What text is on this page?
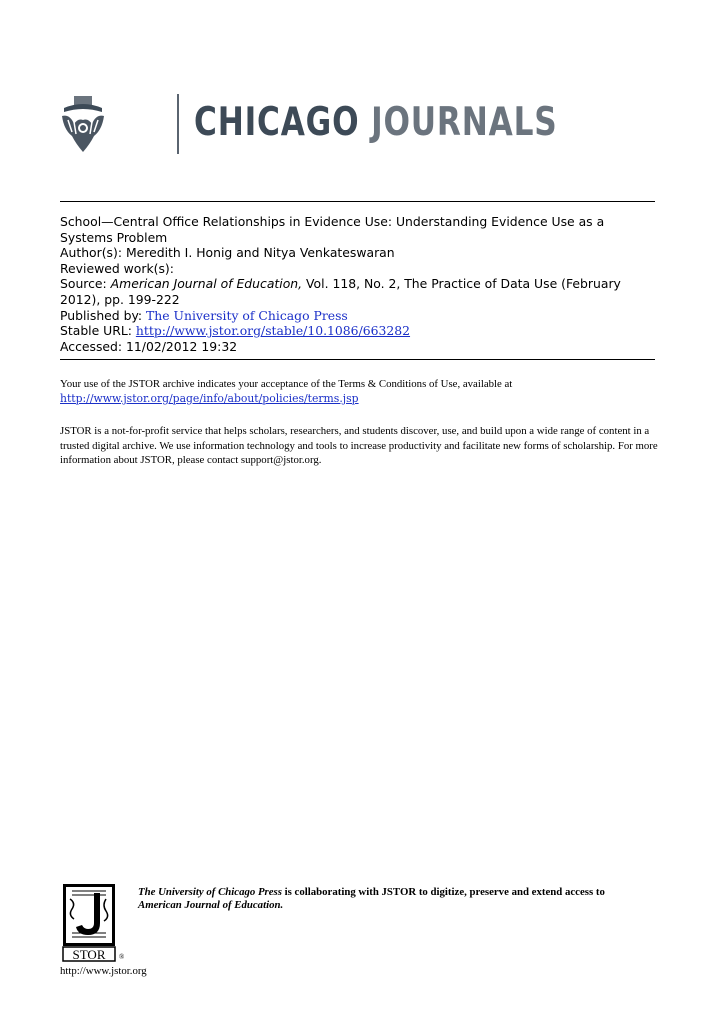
CHICAGO JOURNALS
School—Central Office Relationships in Evidence Use: Understanding Evidence Use as a
Systems Problem
Author(s): Meredith I. Honig and Nitya Venkateswaran
Reviewed work(s):
Source: American Journal of Education, Vol. 118, No. 2, The Practice of Data Use (February
2012), pp. 199-222
Published by: The University of Chicago Press
Stable URL: http://www.jstor.org/stable/10.1086/663282
Accessed: 11/02/2012 19:32
Your use of the JSTOR archive indicates your acceptance of the Terms & Conditions of Use, available at
http://www.jstor.org/page/info/about/policies/terms.jsp
JSTOR is a not-for-profit service that helps scholars, researchers, and students discover, use, and build upon a wide range of content in a trusted digital archive. We use information technology and tools to increase productivity and facilitate new forms of scholarship. For more information about JSTOR, please contact support@jstor.org.
STOR ®
The University of Chicago Press is collaborating with JSTOR to digitize, preserve and extend access to
American Journal of Education.
http://www.jstor.org
